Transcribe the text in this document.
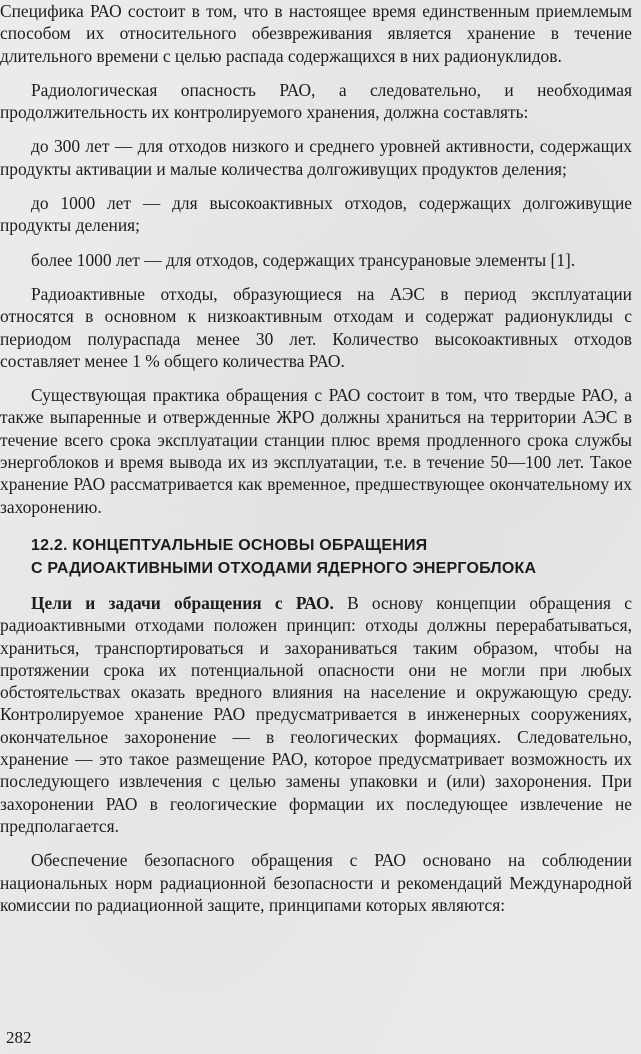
Специфика РАО состоит в том, что в настоящее время единственным приемлемым способом их относительного обезвреживания является хранение в течение длительного времени с целью распада содержащихся в них радионуклидов.

Радиологическая опасность РАО, а следовательно, и необходимая продолжительность их контролируемого хранения, должна составлять:

до 300 лет — для отходов низкого и среднего уровней активности, содержащих продукты активации и малые количества долгоживущих продуктов деления;

до 1000 лет — для высокоактивных отходов, содержащих долгоживущие продукты деления;

более 1000 лет — для отходов, содержащих трансурановые элементы [1].

Радиоактивные отходы, образующиеся на АЭС в период эксплуатации относятся в основном к низкоактивным отходам и содержат радионуклиды с периодом полураспада менее 30 лет. Количество высокоактивных отходов составляет менее 1 % общего количества РАО.

Существующая практика обращения с РАО состоит в том, что твердые РАО, а также выпаренные и отвержденные ЖРО должны храниться на территории АЭС в течение всего срока эксплуатации станции плюс время продленного срока службы энергоблоков и время вывода их из эксплуатации, т.е. в течение 50—100 лет. Такое хранение РАО рассматривается как временное, предшествующее окончательному их захоронению.

12.2. КОНЦЕПТУАЛЬНЫЕ ОСНОВЫ ОБРАЩЕНИЯ
С РАДИОАКТИВНЫМИ ОТХОДАМИ ЯДЕРНОГО ЭНЕРГОБЛОКА

Цели и задачи обращения с РАО. В основу концепции обращения с радиоактивными отходами положен принцип: отходы должны перерабатываться, храниться, транспортироваться и захораниваться таким образом, чтобы на протяжении срока их потенциальной опасности они не могли при любых обстоятельствах оказать вредного влияния на население и окружающую среду. Контролируемое хранение РАО предусматривается в инженерных сооружениях, окончательное захоронение — в геологических формациях. Следовательно, хранение — это такое размещение РАО, которое предусматривает возможность их последующего извлечения с целью замены упаковки и (или) захоронения. При захоронении РАО в геологические формации их последующее извлечение не предполагается.

Обеспечение безопасного обращения с РАО основано на соблюдении национальных норм радиационной безопасности и рекомендаций Международной комиссии по радиационной защите, принципами которых являются:

282
